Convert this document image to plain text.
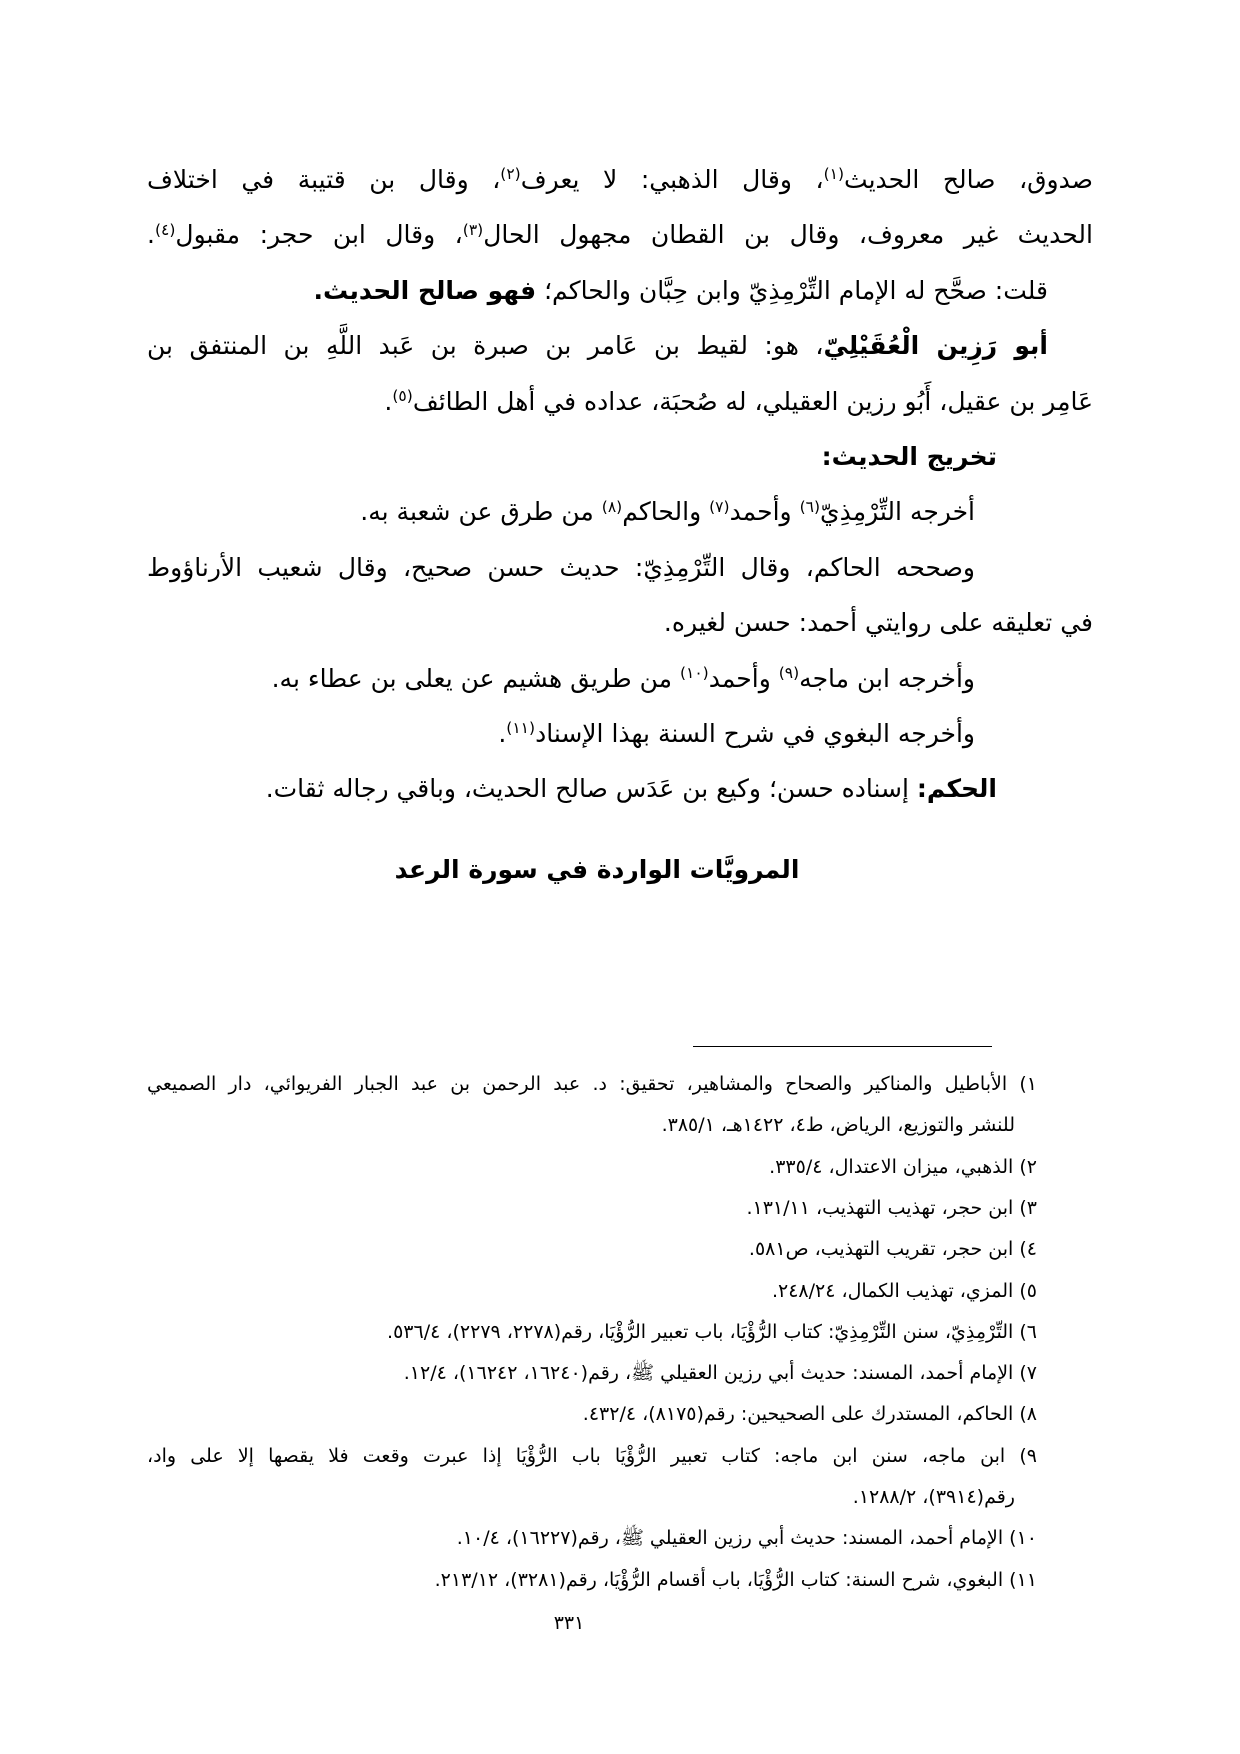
صدوق، صالح الحديث$^{(١)}$، وقال الذهبي: لا يعرف$^{(٢)}$، وقال بن قتيبة في اختلاف
الحديث غير معروف، وقال بن القطان مجهول الحال$^{(٣)}$، وقال ابن حجر: مقبول$^{(٤)}$.
قلت: صحَّح له الإمام التِّرْمِذِيّ وابن حِبَّان والحاكم؛ فهو صالح الحديث.
أبو رَزِين الْعُقَيْلِيّ، هو: لقيط بن عَامر بن صبرة بن عَبد اللَّهِ بن المنتفق بن
عَامِر بن عقيل، أَبُو رزين العقيلي، له صُحبَة، عداده في أهل الطائف$^{(٥)}$.
تخريج الحديث:
أخرجه التِّرْمِذِيّ$^{(٦)}$ وأحمد$^{(٧)}$ والحاكم$^{(٨)}$ من طرق عن شعبة به.
وصححه الحاكم، وقال التِّرْمِذِيّ: حديث حسن صحيح، وقال شعيب الأرناؤوط
في تعليقه على روايتي أحمد: حسن لغيره.
وأخرجه ابن ماجه$^{(٩)}$ وأحمد$^{(١٠)}$ من طريق هشيم عن يعلى بن عطاء به.
وأخرجه البغوي في شرح السنة بهذا الإسناد$^{(١١)}$.
الحكم: إسناده حسن؛ وكيع بن عَدَس صالح الحديث، وباقي رجاله ثقات.
المرويَّات الواردة في سورة الرعد
١) الأباطيل والمناكير والصحاح والمشاهير، تحقيق: د. عبد الرحمن بن عبد الجبار الفريوائي، دار الصميعي
للنشر والتوزيع، الرياض، ط٤، ١٤٢٢هـ، ٣٨٥/١.
٢) الذهبي، ميزان الاعتدال، ٣٣٥/٤.
٣) ابن حجر، تهذيب التهذيب، ١٣١/١١.
٤) ابن حجر، تقريب التهذيب، ص٥٨١.
٥) المزي، تهذيب الكمال، ٢٤٨/٢٤.
٦) التِّرْمِذِيّ، سنن التِّرْمِذِيّ: كتاب الرُّؤْيَا، باب تعبير الرُّؤْيَا، رقم(٢٢٧٨، ٢٢٧٩)، ٥٣٦/٤.
٧) الإمام أحمد، المسند: حديث أبي رزين العقيلي ﷺ، رقم(١٦٢٤٠، ١٦٢٤٢)، ١٢/٤.
٨) الحاكم، المستدرك على الصحيحين: رقم(٨١٧٥)، ٤٣٢/٤.
٩) ابن ماجه، سنن ابن ماجه: كتاب تعبير الرُّؤْيَا باب الرُّؤْيَا إذا عبرت وقعت فلا يقصها إلا على واد،
رقم(٣٩١٤)، ١٢٨٨/٢.
١٠) الإمام أحمد، المسند: حديث أبي رزين العقيلي ﷺ، رقم(١٦٢٢٧)، ١٠/٤.
١١) البغوي، شرح السنة: كتاب الرُّؤْيَا، باب أقسام الرُّؤْيَا، رقم(٣٢٨١)، ٢١٣/١٢.
٣٣١
